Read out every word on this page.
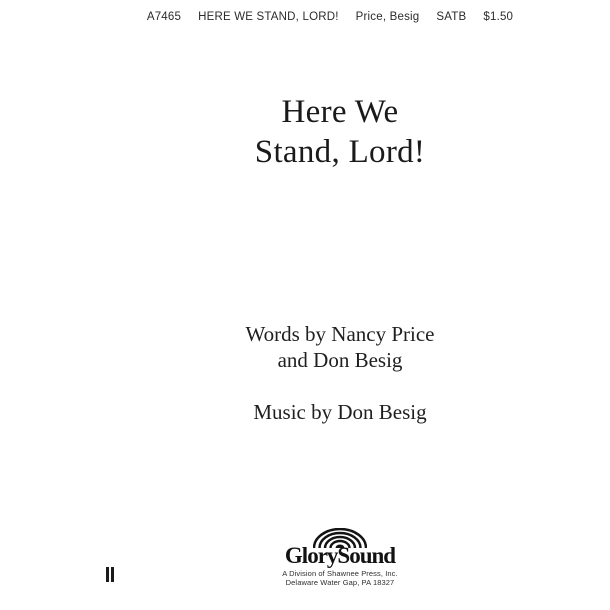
A7465 HERE WE STAND, LORD! Price, Besig SATB $1.50
Here We
Stand, Lord!
Words by Nancy Price
and Don Besig
Music by Don Besig
GlorySound
A Division of Shawnee Press, Inc.
Delaware Water Gap, PA 18327
